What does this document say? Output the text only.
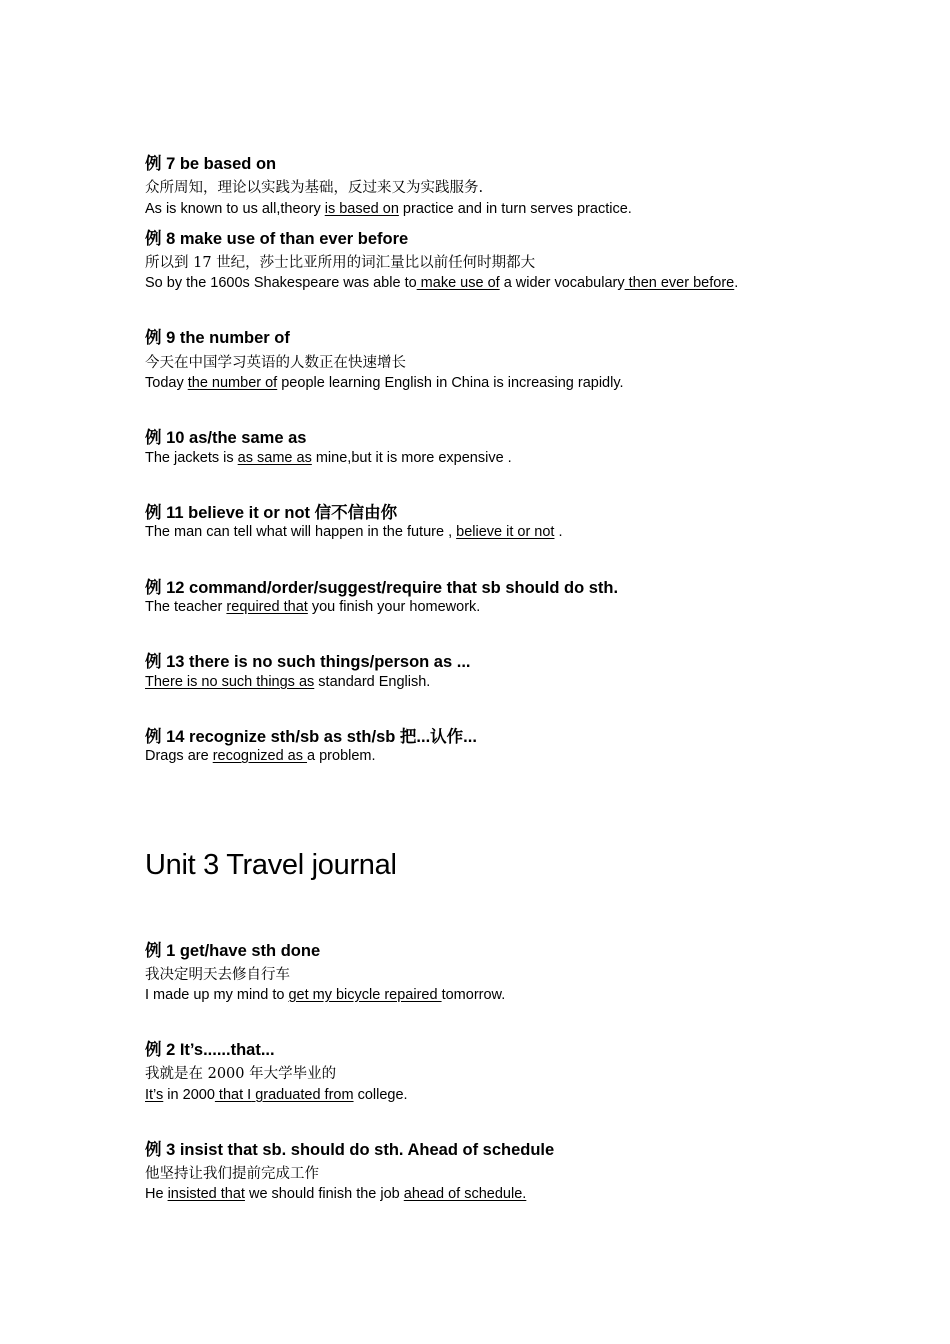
例 7 be based on
众所周知，理论以实践为基础，反过来又为实践服务.
As is known to us all,theory is based on practice and in turn serves practice.
例 8 make use of than ever before
所以到 17 世纪，莎士比亚所用的词汇量比以前任何时期都大
So by the 1600s Shakespeare was able to make use of a wider vocabulary then ever before.
例 9 the number of
今天在中国学习英语的人数正在快速增长
Today the number of people learning English in China is increasing rapidly.
例 10 as/the same as
The jackets is as same as mine,but it is more expensive .
例 11 believe it or not 信不信由你
The man can tell what will happen in the future , believe it or not .
例 12 command/order/suggest/require that sb should do sth.
The teacher required that you finish your homework.
例 13 there is no such things/person as ...
There is no such things as standard English.
例 14 recognize sth/sb as sth/sb 把...认作...
Drags are recognized as a problem.
Unit 3 Travel journal
例 1 get/have sth done
我决定明天去修自行车
I made up my mind to get my bicycle repaired tomorrow.
例 2 It’s......that...
我就是在 2000 年大学毕业的
It’s in 2000 that I graduated from college.
例 3 insist that sb. should do sth. Ahead of schedule
他坚持让我们提前完成工作
He insisted that we should finish the job ahead of schedule.
